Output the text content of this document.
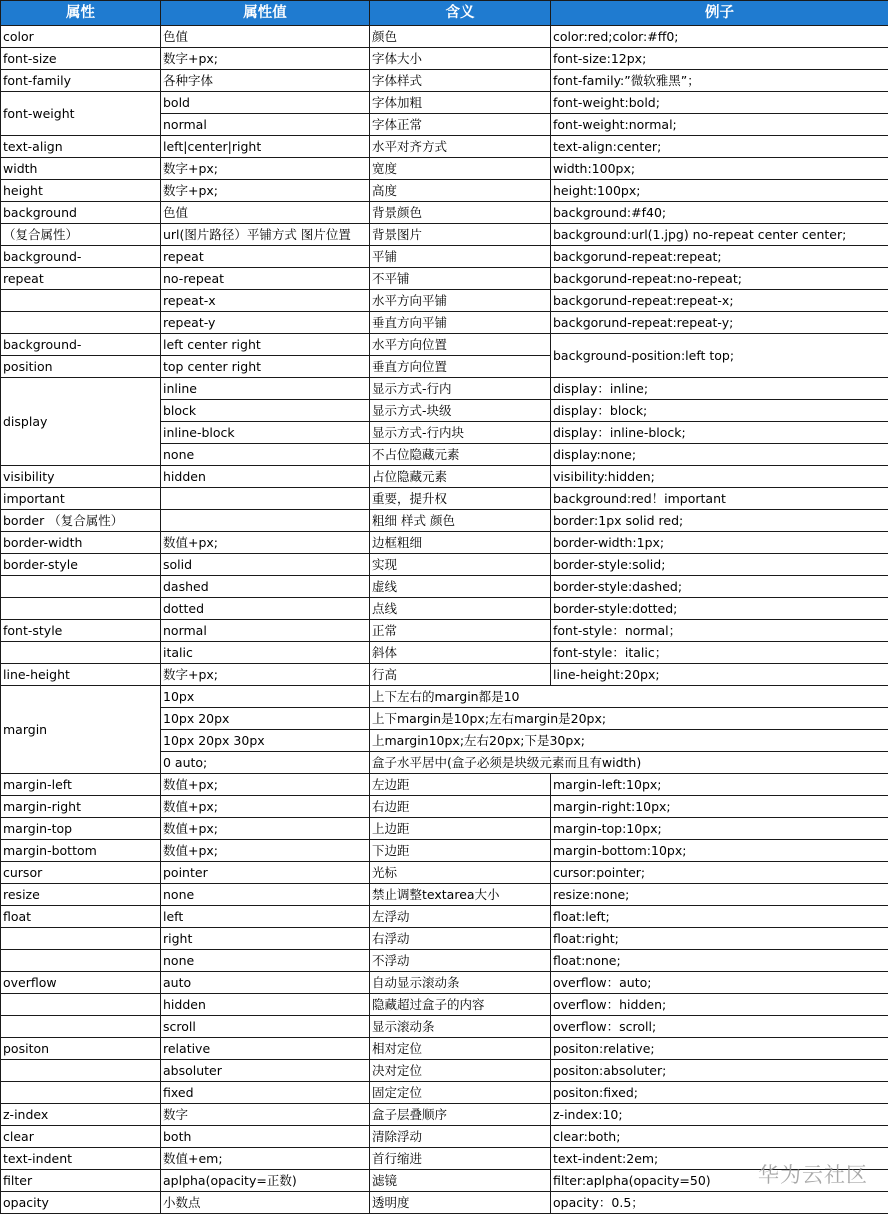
属性	属性值	含义	例子
color	色值	颜色	color:red;color:#ff0;
font-size	数字+px;	字体大小	font-size:12px;
font-family	各种字体	字体样式	font-family:”微软雅黑”；
font-weight	bold	字体加粗	font-weight:bold;
	normal	字体正常	font-weight:normal;
text-align	left|center|right	水平对齐方式	text-align:center;
width	数字+px;	宽度	width:100px;
height	数字+px;	高度	height:100px;
background	色值	背景颜色	background:#f40;
（复合属性）	url(图片路径）平铺方式 图片位置	背景图片	background:url(1.jpg) no-repeat center center;
background-	repeat	平铺	backgorund-repeat:repeat;
repeat	no-repeat	不平铺	backgorund-repeat:no-repeat;
	repeat-x	水平方向平铺	backgorund-repeat:repeat-x;
	repeat-y	垂直方向平铺	backgorund-repeat:repeat-y;
background-	left center right	水平方向位置	background-position:left top;
position	top center right	垂直方向位置	
display	inline	显示方式-行内	display：inline;
	block	显示方式-块级	display：block;
	inline-block	显示方式-行内块	display：inline-block;
	none	不占位隐藏元素	display:none;
visibility	hidden	占位隐藏元素	visibility:hidden;
important		重要，提升权	background:red！important
border （复合属性）		粗细 样式 颜色	border:1px solid red;
border-width	数值+px;	边框粗细	border-width:1px;
border-style	solid	实现	border-style:solid;
	dashed	虚线	border-style:dashed;
	dotted	点线	border-style:dotted;
font-style	normal	正常	font-style：normal；
	italic	斜体	font-style：italic；
line-height	数字+px;	行高	line-height:20px;
margin	10px	上下左右的margin都是10	
	10px 20px	上下margin是10px;左右margin是20px;	
	10px 20px 30px	上margin10px;左右20px;下是30px;	
	0 auto;	盒子水平居中(盒子必须是块级元素而且有width)	
margin-left	数值+px;	左边距	margin-left:10px;
margin-right	数值+px;	右边距	margin-right:10px;
margin-top	数值+px;	上边距	margin-top:10px;
margin-bottom	数值+px;	下边距	margin-bottom:10px;
cursor	pointer	光标	cursor:pointer;
resize	none	禁止调整textarea大小	resize:none;
float	left	左浮动	float:left;
	right	右浮动	float:right;
	none	不浮动	float:none;
overflow	auto	自动显示滚动条	overflow：auto;
	hidden	隐藏超过盒子的内容	overflow：hidden;
	scroll	显示滚动条	overflow：scroll;
positon	relative	相对定位	positon:relative;
	absoluter	决对定位	positon:absoluter;
	fixed	固定定位	positon:fixed;
z-index	数字	盒子层叠顺序	z-index:10;
clear	both	清除浮动	clear:both;
text-indent	数值+em;	首行缩进	text-indent:2em;
filter	aplpha(opacity=正数)	滤镜	filter:aplpha(opacity=50)
opacity	小数点	透明度	opacity：0.5；
华为云社区
